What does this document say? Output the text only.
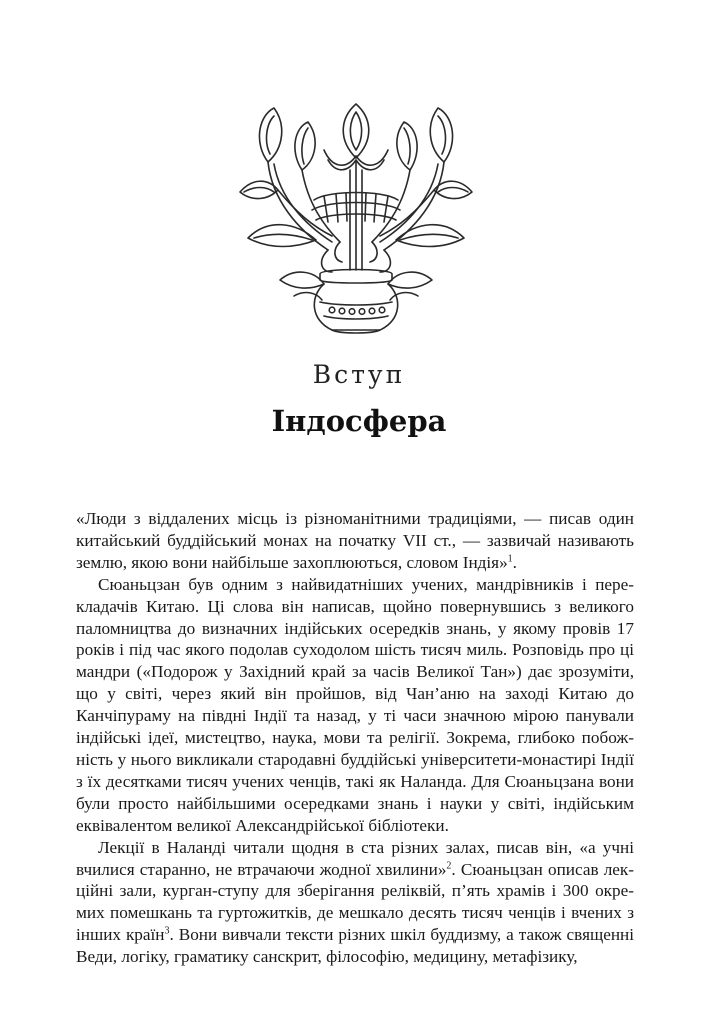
Вступ
Індосфера

«Люди з віддалених місць із різноманітними традиціями, — писав один китайський буддійський монах на початку VII ст., — зазвичай називають землю, якою вони найбільше захоплюються, словом Індія»$^1$.

Сюаньцзан був одним з найвидатніших учених, мандрівників і перекладачів Китаю. Ці слова він написав, щойно повернувшись з великого паломництва до визначних індійських осередків знань, у якому провів 17 років і під час якого подолав суходолом шість тисяч миль. Розповідь про ці мандри («Подорож у Західний край за часів Великої Тан») дає зрозуміти, що у світі, через який він пройшов, від Чан’аню на заході Китаю до Канчіпураму на півдні Індії та назад, у ті часи значною мірою панували індійські ідеї, мистецтво, наука, мови та релігії. Зокрема, глибоко побожність у нього викликали стародавні буддійські університети-монастирі Індії з їх десятками тисяч учених ченців, такі як Наланда. Для Сюаньцзана вони були просто найбільшими осередками знань і науки у світі, індійським еквівалентом великої Александрійської бібліотеки.

Лекції в Наланді читали щодня в ста різних залах, писав він, «а учні вчилися старанно, не втрачаючи жодної хвилини»$^2$. Сюаньцзан описав лекційні зали, курган-ступу для зберігання реліквій, п’ять храмів і 300 окремих помешкань та гуртожитків, де мешкало десять тисяч ченців і вчених з інших країн$^3$. Вони вивчали тексти різних шкіл буддизму, а також священні Веди, логіку, граматику санскрит, філософію, медицину, метафізику,
